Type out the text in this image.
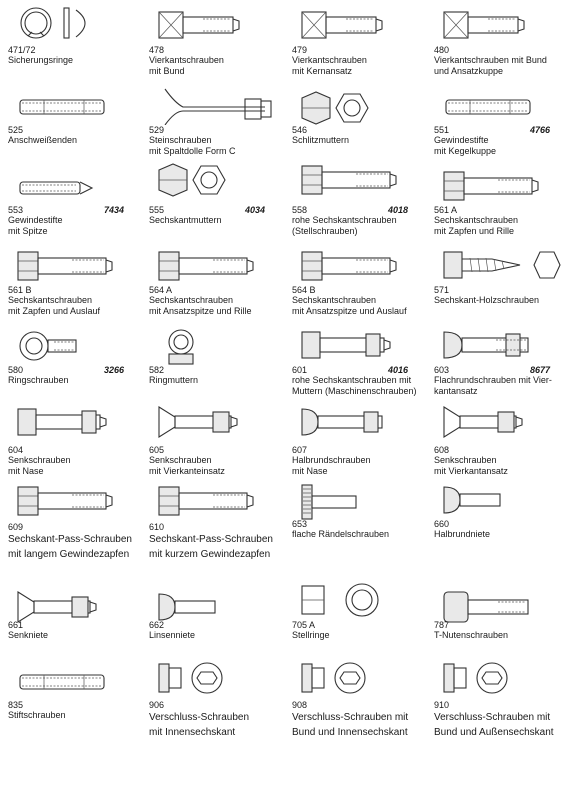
471/72
Sicherungsringe
478
Vierkantschrauben
mit Bund
479
Vierkantschrauben
mit Kernansatz
480
Vierkantschrauben mit Bund
und Ansatzkuppe
525
Anschweißenden
529
Steinschrauben
mit Spaltdolle Form C
546
Schlitzmuttern
551	4766
Gewindestifte
mit Kegelkuppe
553	7434
Gewindestifte
mit Spitze
555	4034
Sechskantmuttern
558	4018
rohe Sechskantschrauben
(Stellschrauben)
561 A
Sechskantschrauben
mit Zapfen und Rille
561 B
Sechskantschrauben
mit Zapfen und Auslauf
564 A
Sechskantschrauben
mit Ansatzspitze und Rille
564 B
Sechskantschrauben
mit Ansatzspitze und Auslauf
571
Sechskant-Holzschrauben
580	3266
Ringschrauben
582
Ringmuttern
601	4016
rohe Sechskantschrauben mit
Muttern (Maschinenschrauben)
603	8677
Flachrundschrauben mit Vier-
kantansatz
604
Senkschrauben
mit Nase
605
Senkschrauben
mit Vierkanteinsatz
607
Halbrundschrauben
mit Nase
608
Senkschrauben
mit Vierkantansatz
609
Sechskant-Pass-Schrauben
mit langem Gewindezapfen
610
Sechskant-Pass-Schrauben
mit kurzem Gewindezapfen
653
flache Rändelschrauben
660
Halbrundniete
661
Senkniete
662
Linsenniete
705 A
Stellringe
787
T-Nutenschrauben
835
Stiftschrauben
906
Verschluss-Schrauben
mit Innensechskant
908
Verschluss-Schrauben mit
Bund und Innensechskant
910
Verschluss-Schrauben mit
Bund und Außensechskant
